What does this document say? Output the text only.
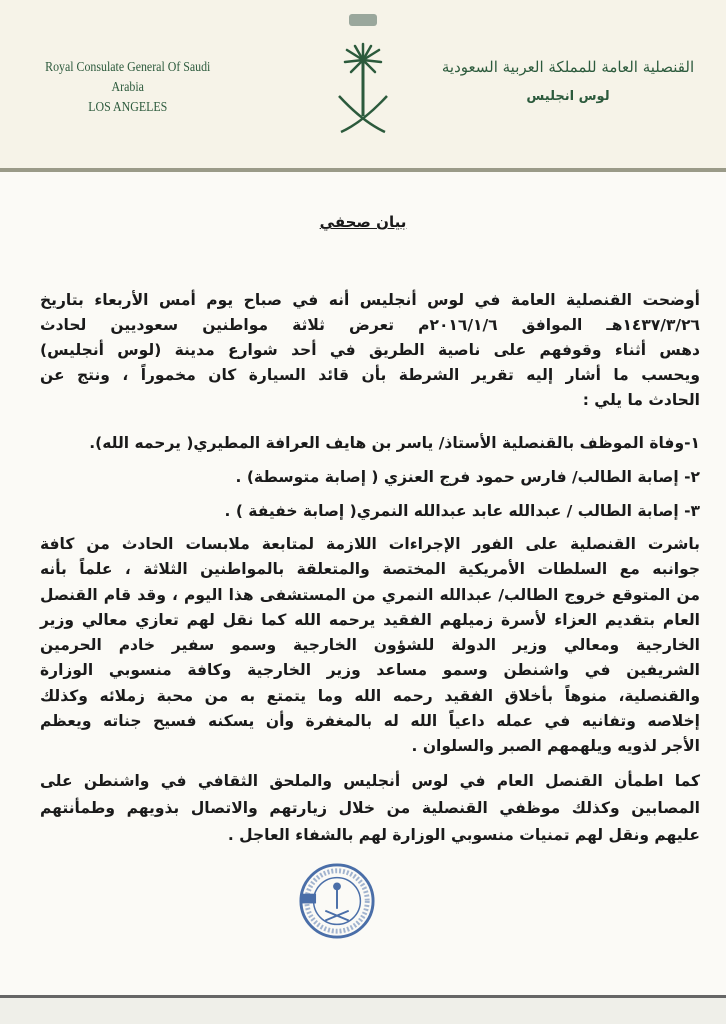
Royal Consulate General Of Saudi Arabia
LOS ANGELES
القنصلية العامة للمملكة العربية السعودية
لوس انجليس
بيان صحفي
أوضحت القنصلية العامة في لوس أنجليس أنه في صباح يوم أمس الأربعاء بتاريخ
١٤٣٧/٣/٢٦هـ الموافق ٢٠١٦/١/٦م تعرض ثلاثة مواطنين سعوديين لحادث
دهس أثناء وقوفهم على ناصية الطريق في أحد شوارع مدينة (لوس أنجليس)
ويحسب ما أشار إليه تقرير الشرطة بأن قائد السيارة كان مخموراً ، ونتج عن
الحادث ما يلي :
١-وفاة الموظف بالقنصلية الأستاذ/ ياسر بن هايف العرافة المطيري( يرحمه الله).
٢- إصابة الطالب/ فارس حمود فرج العنزي ( إصابة متوسطة) .
٣- إصابة الطالب / عبدالله عابد عبدالله النمري( إصابة خفيفة ) .
باشرت القنصلية على الفور الإجراءات اللازمة لمتابعة ملابسات الحادث من كافة
جوانبه مع السلطات الأمريكية المختصة والمتعلقة بالمواطنين الثلاثة ، علماً بأنه
من المتوقع خروج الطالب/ عبدالله النمري من المستشفى هذا اليوم ، وقد قام القنصل
العام بتقديم العزاء لأسرة زميلهم الفقيد يرحمه الله كما نقل لهم تعازي معالي وزير
الخارجية ومعالي وزير الدولة للشؤون الخارجية وسمو سفير خادم الحرمين
الشريفين في واشنطن وسمو مساعد وزير الخارجية وكافة منسوبي الوزارة
والقنصلية، منوهاً بأخلاق الفقيد رحمه الله وما يتمتع به من محبة زملائه وكذلك
إخلاصه وتفانيه في عمله داعياً الله له بالمغفرة وأن يسكنه فسيح جناته ويعظم
الأجر لذويه ويلهمهم الصبر والسلوان .
كما اطمأن القنصل العام في لوس أنجليس والملحق الثقافي في واشنطن على
المصابين وكذلك موظفي القنصلية من خلال زيارتهم والاتصال بذويهم وطمأنتهم
عليهم ونقل لهم تمنيات منسوبي الوزارة لهم بالشفاء العاجل .
